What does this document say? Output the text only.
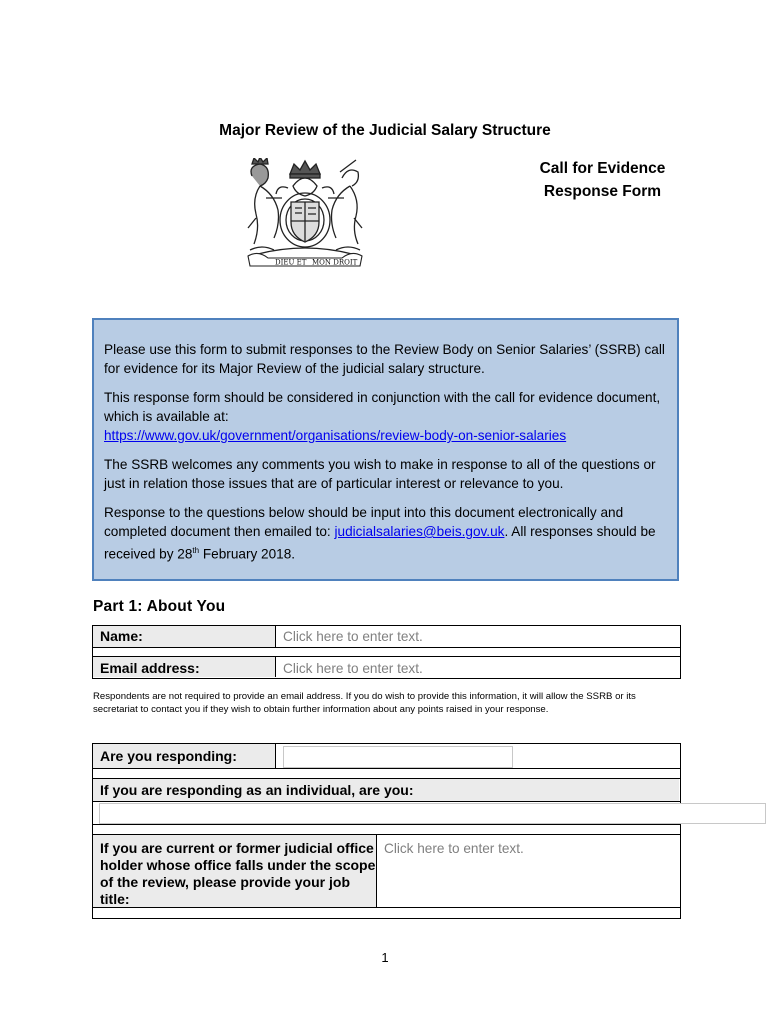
Major Review of the Judicial Salary Structure
Call for Evidence
Response Form
DIEU ET MON DROIT

Please use this form to submit responses to the Review Body on Senior Salaries’ (SSRB) call for evidence for its Major Review of the judicial salary structure.

This response form should be considered in conjunction with the call for evidence document, which is available at:
https://www.gov.uk/government/organisations/review-body-on-senior-salaries

The SSRB welcomes any comments you wish to make in response to all of the questions or just in relation those issues that are of particular interest or relevance to you.

Response to the questions below should be input into this document electronically and completed document then emailed to: judicialsalaries@beis.gov.uk. All responses should be received by 28th February 2018.

Part 1: About You
Name:	Click here to enter text.
Email address:	Click here to enter text.
Respondents are not required to provide an email address. If you do wish to provide this information, it will allow the SSRB or its secretariat to contact you if they wish to obtain further information about any points raised in your response.
Are you responding:
If you are responding as an individual, are you:
If you are current or former judicial office holder whose office falls under the scope of the review, please provide your job title:
Click here to enter text.
1
